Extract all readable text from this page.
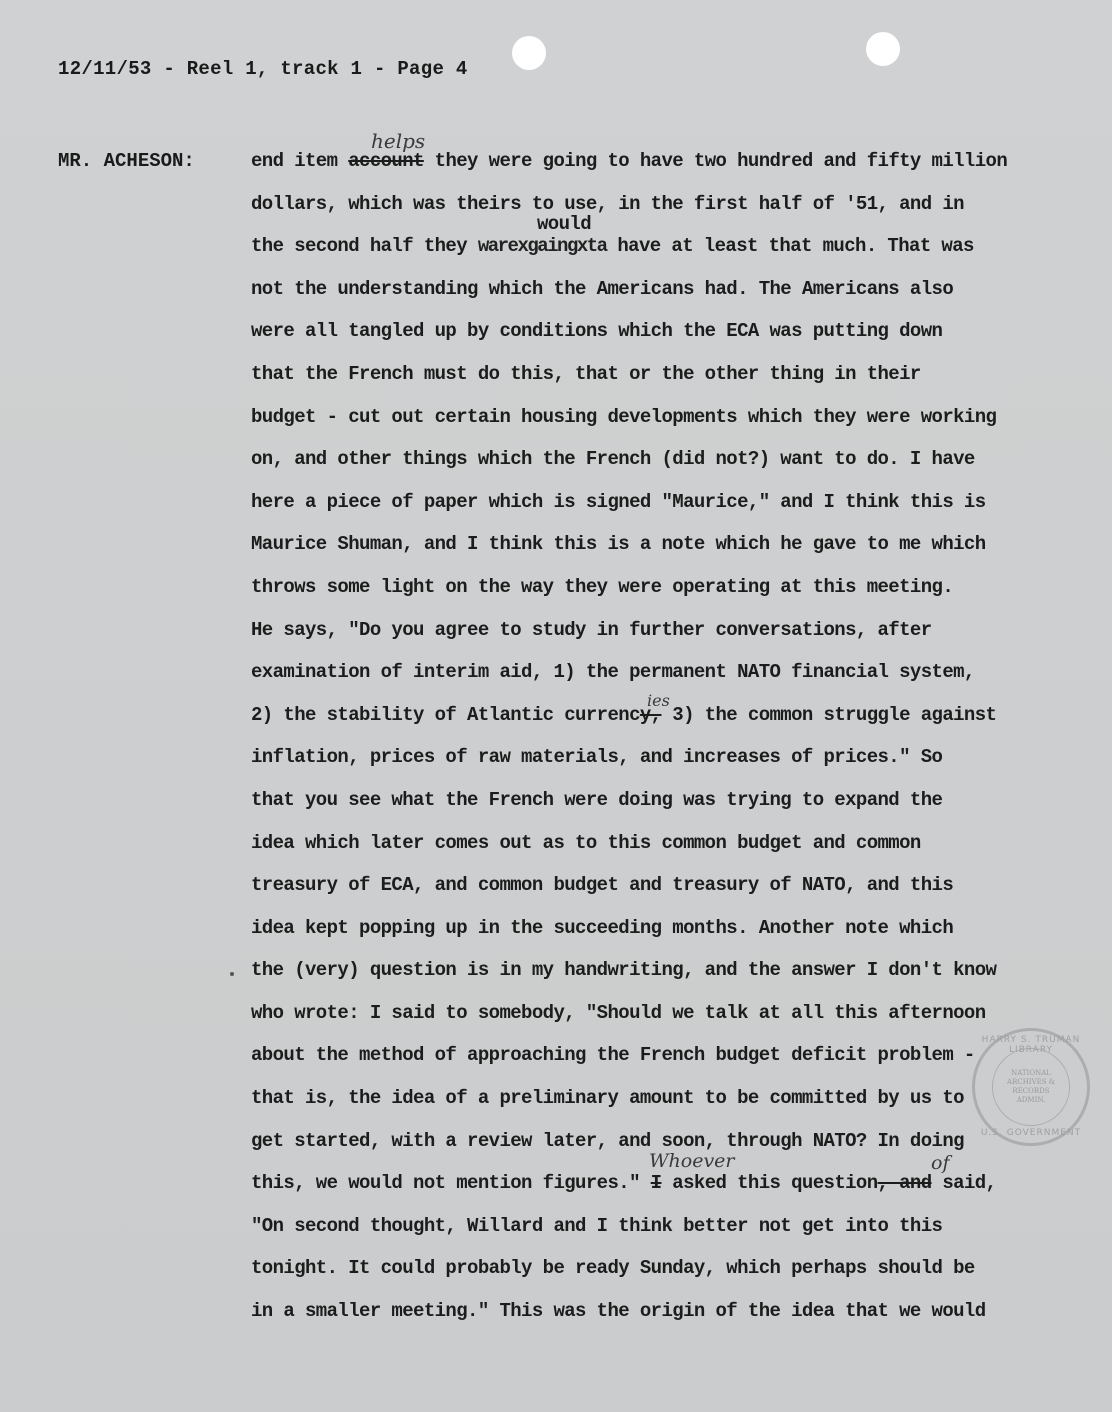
12/11/53 - Reel 1, track 1 - Page 4
MR. ACHESON:	end item account they were going to have two hundred and fifty million
helps
dollars, which was theirs to use, in the first half of '51, and in
the second half they warexgaingxta have at least that much. That was
would
not the understanding which the Americans had. The Americans also
were all tangled up by conditions which the ECA was putting down
that the French must do this, that or the other thing in their
budget - cut out certain housing developments which they were working
on, and other things which the French (did not?) want to do. I have
here a piece of paper which is signed "Maurice," and I think this is
Maurice Shuman, and I think this is a note which he gave to me which
throws some light on the way they were operating at this meeting.
He says, "Do you agree to study in further conversations, after
examination of interim aid, 1) the permanent NATO financial system,
2) the stability of Atlantic currency, 3) the common struggle against
ies
inflation, prices of raw materials, and increases of prices." So
that you see what the French were doing was trying to expand the
idea which later comes out as to this common budget and common
treasury of ECA, and common budget and treasury of NATO, and this
idea kept popping up in the succeeding months. Another note which
the (very) question is in my handwriting, and the answer I don't know
who wrote: I said to somebody, "Should we talk at all this afternoon
about the method of approaching the French budget deficit problem -
that is, the idea of a preliminary amount to be committed by us to
get started, with a review later, and soon, through NATO? In doing
this, we would not mention figures." I asked this question, and said,
Whoever	of
"On second thought, Willard and I think better not get into this
tonight. It could probably be ready Sunday, which perhaps should be
in a smaller meeting." This was the origin of the idea that we would
HARRY S. TRUMAN LIBRARY
NATIONAL
ARCHIVES &
RECORDS
ADMIN.
U.S. GOVERNMENT
